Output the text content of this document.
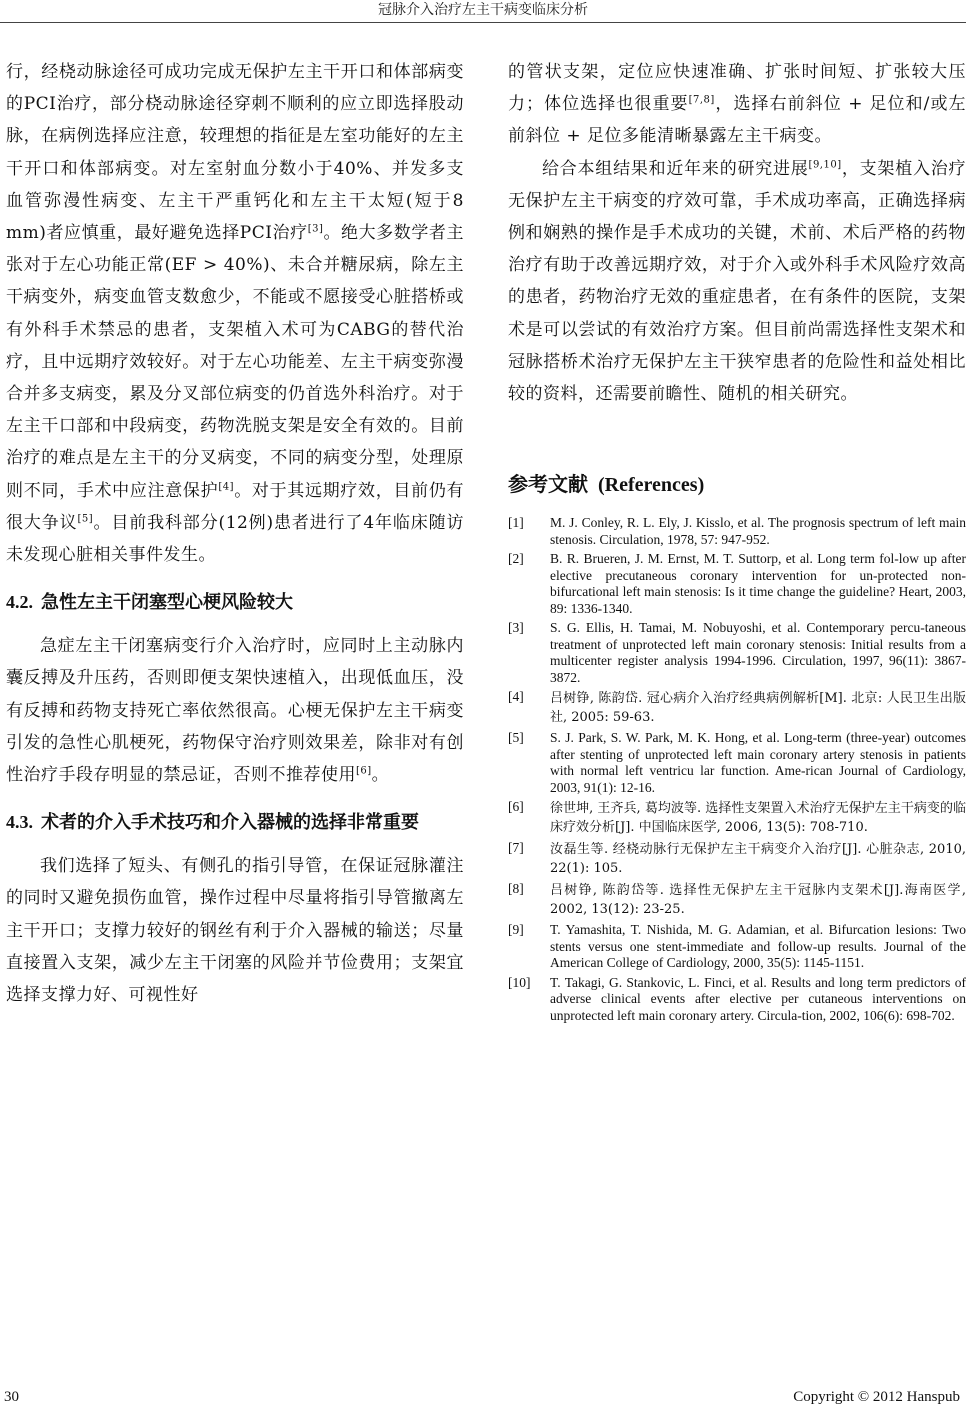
冠脉介入治疗左主干病变临床分析

行，经桡动脉途径可成功完成无保护左主干开口和体部病变的PCI治疗，部分桡动脉途径穿刺不顺利的应立即选择股动脉，在病例选择应注意，较理想的指征是左室功能好的左主干开口和体部病变。对左室射血分数小于40%、并发多支血管弥漫性病变、左主干严重钙化和左主干太短(短于8 mm)者应慎重，最好避免选择PCI治疗[3]。绝大多数学者主张对于左心功能正常(EF > 40%)、未合并糖尿病，除左主干病变外，病变血管支数愈少，不能或不愿接受心脏搭桥或有外科手术禁忌的患者，支架植入术可为CABG的替代治疗，且中远期疗效较好。对于左心功能差、左主干病变弥漫合并多支病变，累及分叉部位病变的仍首选外科治疗。对于左主干口部和中段病变，药物洗脱支架是安全有效的。目前治疗的难点是左主干的分叉病变，不同的病变分型，处理原则不同，手术中应注意保护[4]。对于其远期疗效，目前仍有很大争议[5]。目前我科部分(12例)患者进行了4年临床随访未发现心脏相关事件发生。

4.2. 急性左主干闭塞型心梗风险较大

急症左主干闭塞病变行介入治疗时，应同时上主动脉内囊反搏及升压药，否则即便支架快速植入，出现低血压，没有反搏和药物支持死亡率依然很高。心梗无保护左主干病变引发的急性心肌梗死，药物保守治疗则效果差，除非对有创性治疗手段存明显的禁忌证，否则不推荐使用[6]。

4.3. 术者的介入手术技巧和介入器械的选择非常重要

我们选择了短头、有侧孔的指引导管，在保证冠脉灌注的同时又避免损伤血管，操作过程中尽量将指引导管撤离左主干开口；支撑力较好的钢丝有利于介入器械的输送；尽量直接置入支架，减少左主干闭塞的风险并节俭费用；支架宜选择支撑力好、可视性好

的管状支架，定位应快速准确、扩张时间短、扩张较大压力；体位选择也很重要[7,8]，选择右前斜位 + 足位和/或左前斜位 + 足位多能清晰暴露左主干病变。

给合本组结果和近年来的研究进展[9,10]，支架植入治疗无保护左主干病变的疗效可靠，手术成功率高，正确选择病例和娴熟的操作是手术成功的关键，术前、术后严格的药物治疗有助于改善远期疗效，对于介入或外科手术风险疗效高的患者，药物治疗无效的重症患者，在有条件的医院，支架术是可以尝试的有效治疗方案。但目前尚需选择性支架术和冠脉搭桥术治疗无保护左主干狭窄患者的危险性和益处相比较的资料，还需要前瞻性、随机的相关研究。

参考文献 (References)
[1]	M. J. Conley, R. L. Ely, J. Kisslo, et al. The prognosis spectrum of left main stenosis. Circulation, 1978, 57: 947-952.
[2]	B. R. Brueren, J. M. Ernst, M. T. Suttorp, et al. Long term fol-low up after elective precutaneous coronary intervention for un-protected non-bifurcational left main stenosis: Is it time change the guideline? Heart, 2003, 89: 1336-1340.
[3]	S. G. Ellis, H. Tamai, M. Nobuyoshi, et al. Contemporary percu-taneous treatment of unprotected left main coronary stenosis: Initial results from a multicenter register analysis 1994-1996. Circulation, 1997, 96(11): 3867-3872.
[4]	吕树铮, 陈韵岱. 冠心病介入治疗经典病例解析[M]. 北京: 人民卫生出版社, 2005: 59-63.
[5]	S. J. Park, S. W. Park, M. K. Hong, et al. Long-term (three-year) outcomes after stenting of unprotected left main coronary artery stenosis in patients with normal left ventricu lar function. Ame-rican Journal of Cardiology, 2003, 91(1): 12-16.
[6]	徐世坤, 王齐兵, 葛均波等. 选择性支架置入术治疗无保护左主干病变的临床疗效分析[J]. 中国临床医学, 2006, 13(5): 708-710.
[7]	汝磊生等. 经桡动脉行无保护左主干病变介入治疗[J]. 心脏杂志, 2010, 22(1): 105.
[8]	吕树铮, 陈韵岱等. 选择性无保护左主干冠脉内支架术[J].海南医学, 2002, 13(12): 23-25.
[9]	T. Yamashita, T. Nishida, M. G. Adamian, et al. Bifurcation lesions: Two stents versus one stent-immediate and follow-up results. Journal of the American College of Cardiology, 2000, 35(5): 1145-1151.
[10]	T. Takagi, G. Stankovic, L. Finci, et al. Results and long term predictors of adverse clinical events after elective per cutaneous interventions on unprotected left main coronary artery. Circula-tion, 2002, 106(6): 698-702.
30	Copyright © 2012 Hanspub
